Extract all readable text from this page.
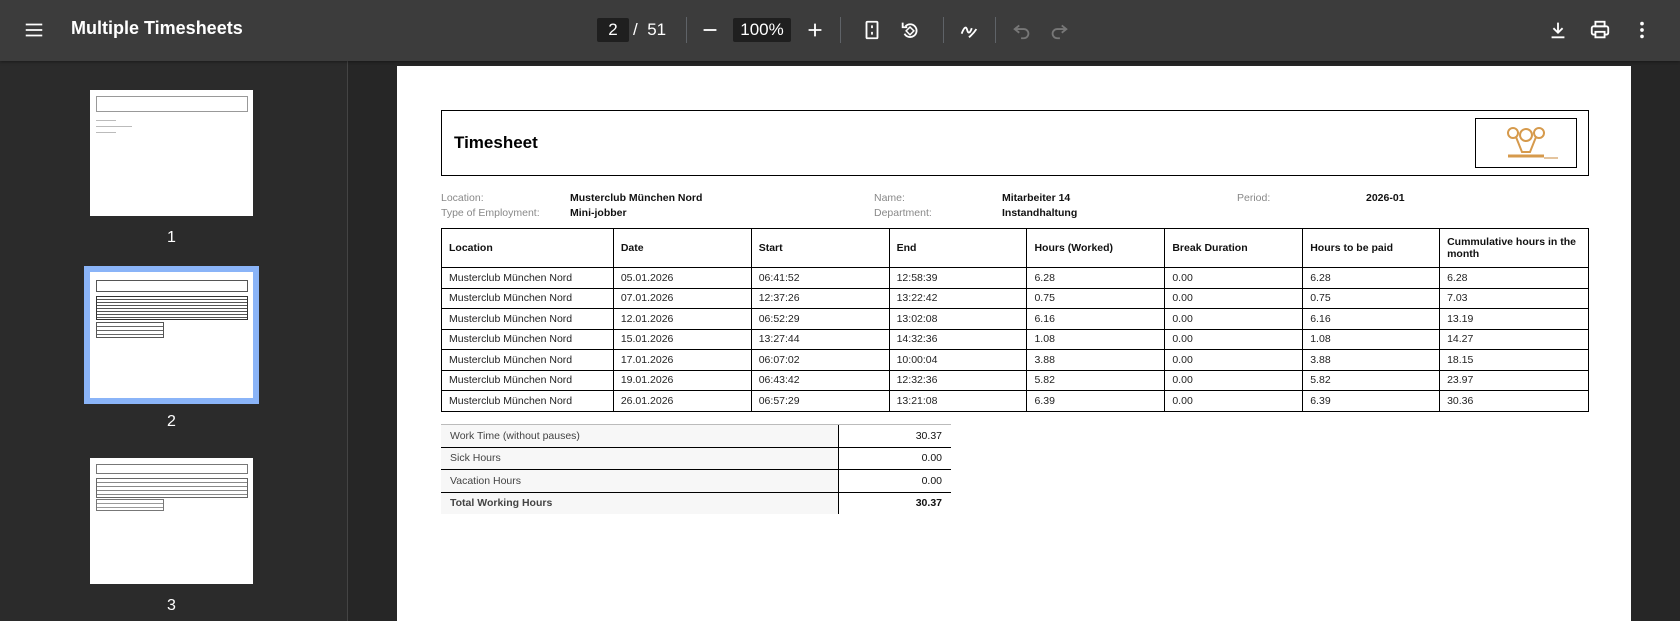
Multiple Timesheets	2 / 51	100%
1
2
3
Timesheet
Location:	Musterclub München Nord
Type of Employment:	Mini-jobber
Name:	Mitarbeiter 14
Department:	Instandhaltung
Period:	2026-01
Location	Date	Start	End	Hours (Worked)	Break Duration	Hours to be paid	Cummulative hours in the month
Musterclub München Nord	05.01.2026	06:41:52	12:58:39	6.28	0.00	6.28	6.28
Musterclub München Nord	07.01.2026	12:37:26	13:22:42	0.75	0.00	0.75	7.03
Musterclub München Nord	12.01.2026	06:52:29	13:02:08	6.16	0.00	6.16	13.19
Musterclub München Nord	15.01.2026	13:27:44	14:32:36	1.08	0.00	1.08	14.27
Musterclub München Nord	17.01.2026	06:07:02	10:00:04	3.88	0.00	3.88	18.15
Musterclub München Nord	19.01.2026	06:43:42	12:32:36	5.82	0.00	5.82	23.97
Musterclub München Nord	26.01.2026	06:57:29	13:21:08	6.39	0.00	6.39	30.36
Work Time (without pauses)	30.37
Sick Hours	0.00
Vacation Hours	0.00
Total Working Hours	30.37
